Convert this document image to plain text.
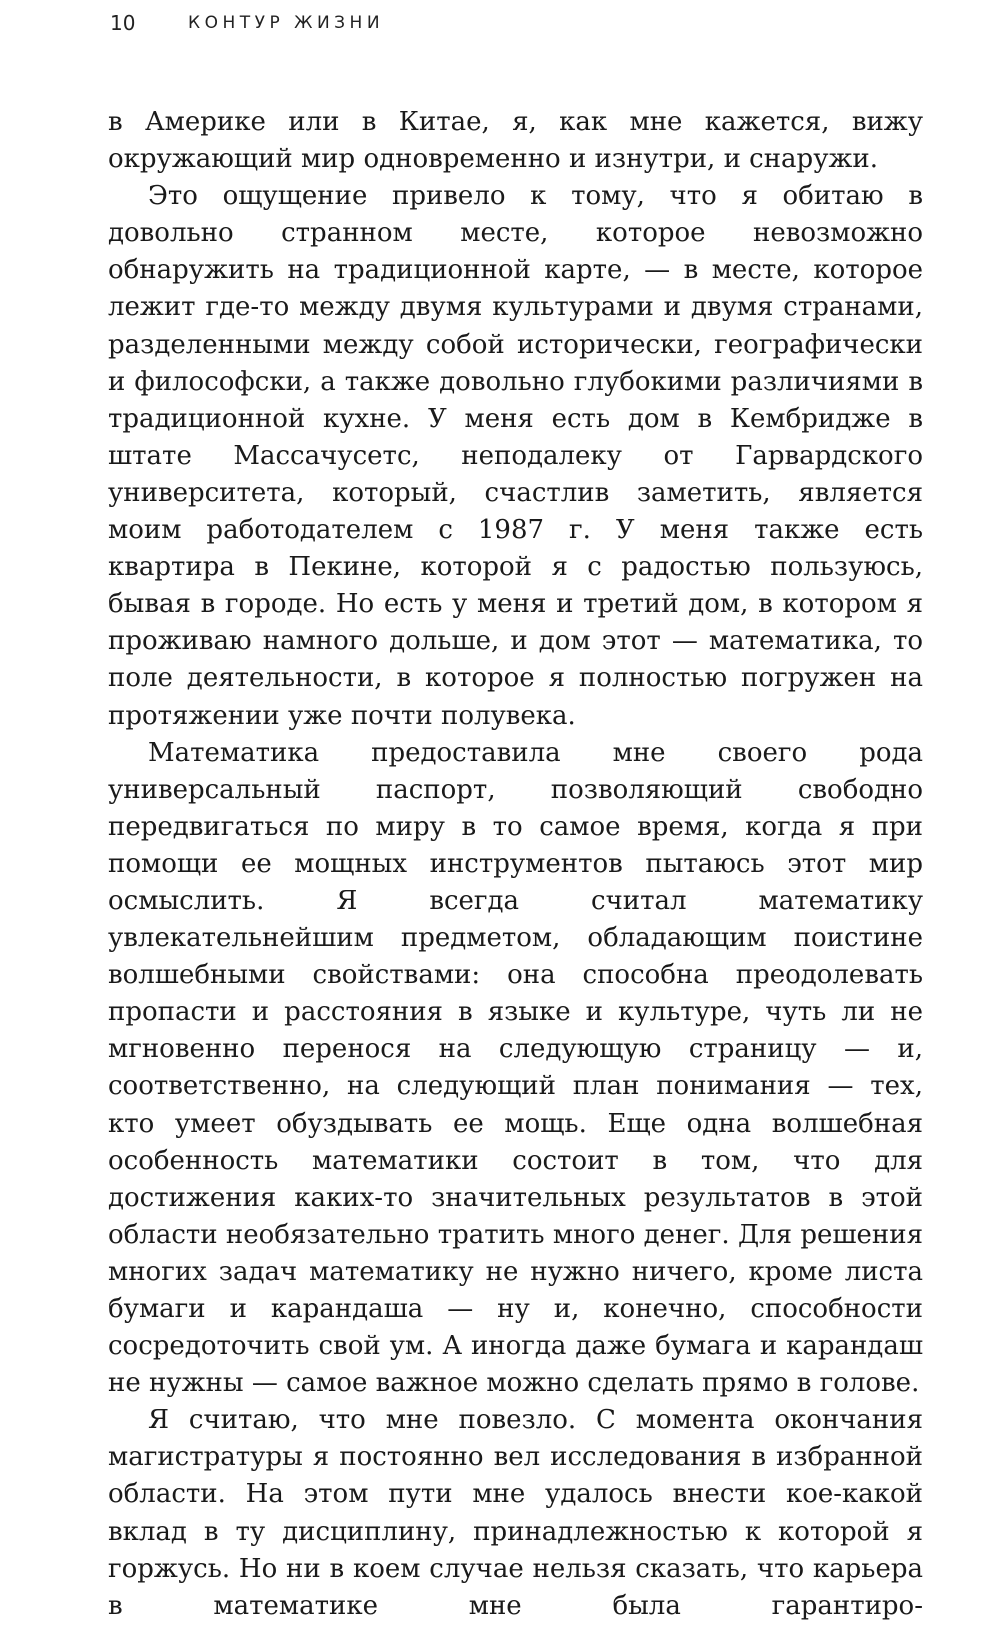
10	КОНТУР ЖИЗНИ

в Америке или в Китае, я, как мне кажется, вижу окружающий мир одновременно и изнутри, и снаружи.

Это ощущение привело к тому, что я обитаю в довольно странном месте, которое невозможно обнаружить на традиционной карте, — в месте, которое лежит где-то между двумя культурами и двумя странами, разделенными между собой исторически, географически и философски, а также довольно глубокими различиями в традиционной кухне. У меня есть дом в Кембридже в штате Массачусетс, неподалеку от Гарвардского университета, который, счастлив заметить, является моим работодателем с 1987 г. У меня также есть квартира в Пекине, которой я с радостью пользуюсь, бывая в городе. Но есть у меня и третий дом, в котором я проживаю намного дольше, и дом этот — математика, то поле деятельности, в которое я полностью погружен на протяжении уже почти полувека.

Математика предоставила мне своего рода универсальный паспорт, позволяющий свободно передвигаться по миру в то самое время, когда я при помощи ее мощных инструментов пытаюсь этот мир осмыслить. Я всегда считал математику увлекательнейшим предметом, обладающим поистине волшебными свойствами: она способна преодолевать пропасти и расстояния в языке и культуре, чуть ли не мгновенно перенося на следующую страницу — и, соответственно, на следующий план понимания — тех, кто умеет обуздывать ее мощь. Еще одна волшебная особенность математики состоит в том, что для достижения каких-то значительных результатов в этой области необязательно тратить много денег. Для решения многих задач математику не нужно ничего, кроме листа бумаги и карандаша — ну и, конечно, способности сосредоточить свой ум. А иногда даже бумага и карандаш не нужны — самое важное можно сделать прямо в голове.

Я считаю, что мне повезло. С момента окончания магистратуры я постоянно вел исследования в избранной области. На этом пути мне удалось внести кое-какой вклад в ту дисциплину, принадлежностью к которой я горжусь. Но ни в коем случае нельзя сказать, что карьера в математике мне была гарантиро-
